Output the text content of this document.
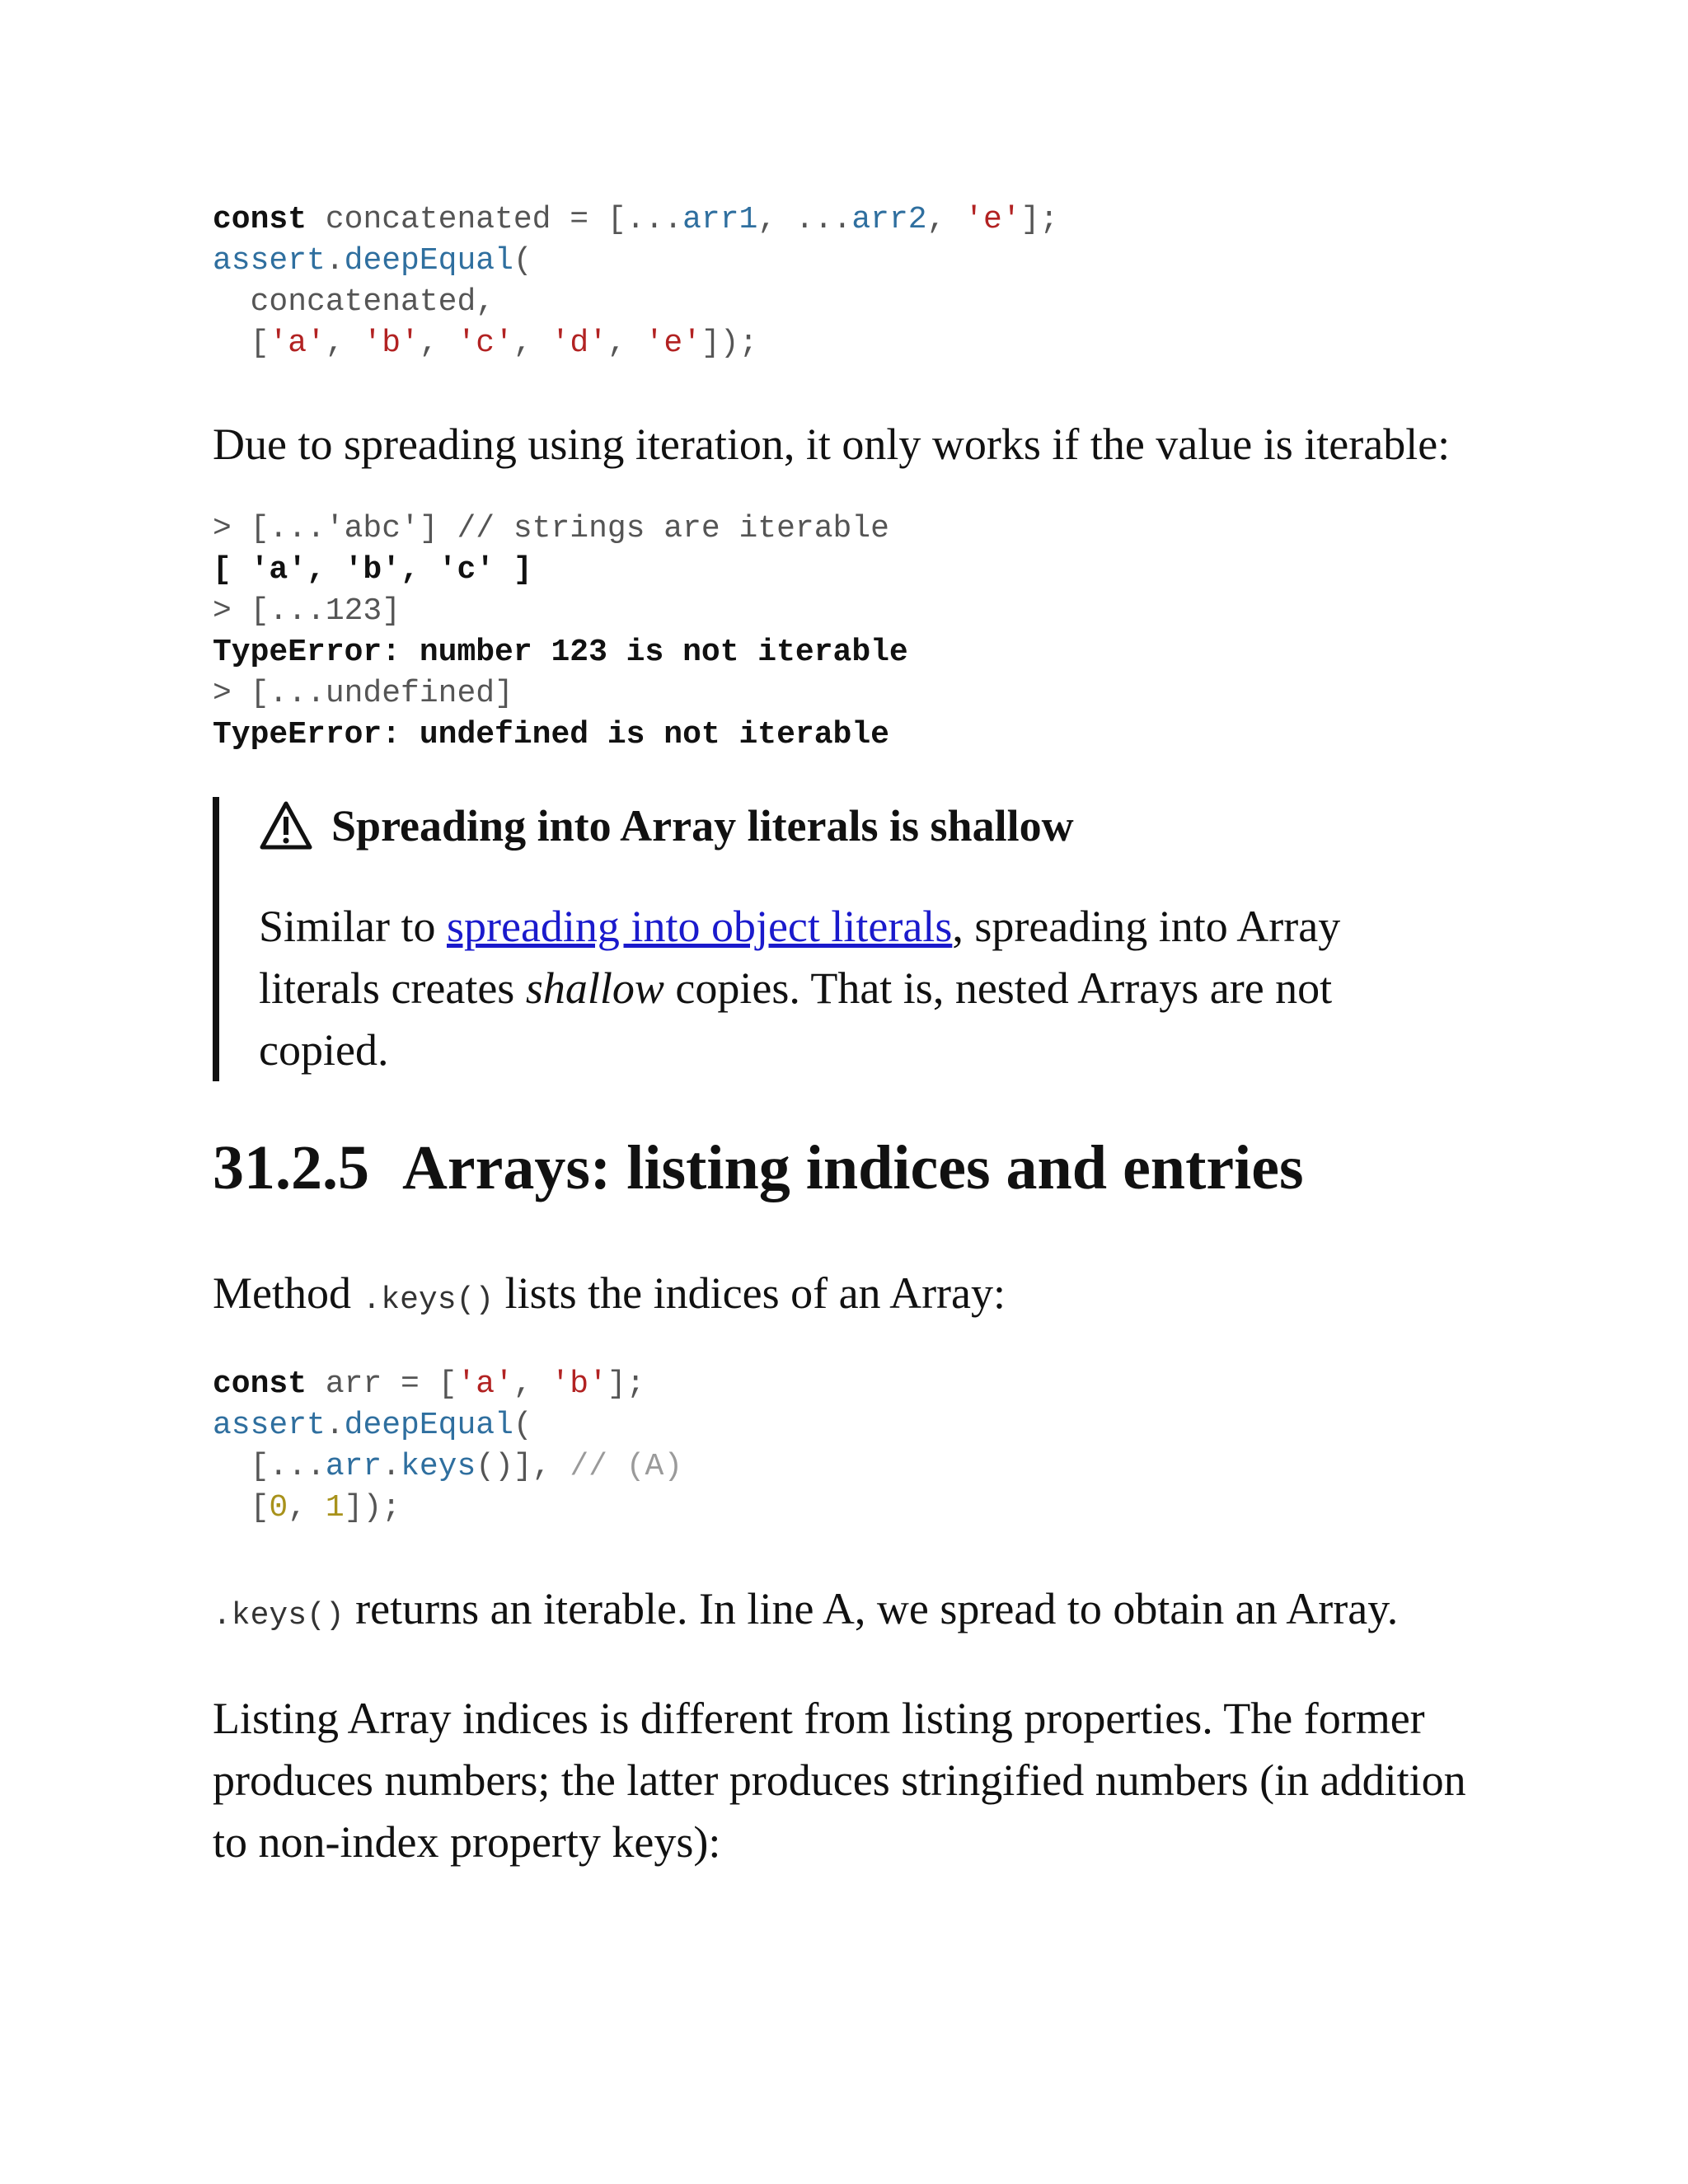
const concatenated = [...arr1, ...arr2, 'e'];
assert.deepEqual(
concatenated,
['a', 'b', 'c', 'd', 'e']);

Due to spreading using iteration, it only works if the value is iterable:

> [...'abc'] // strings are iterable
[ 'a', 'b', 'c' ]
> [...123]
TypeError: number 123 is not iterable
> [...undefined]
TypeError: undefined is not iterable
Spreading into Array literals is shallow

Similar to spreading into object literals, spreading into Array literals creates shallow copies. That is, nested Arrays are not copied.

31.2.5 Arrays: listing indices and entries

Method .keys() lists the indices of an Array:

const arr = ['a', 'b'];
assert.deepEqual(
[...arr.keys()], // (A)
[0, 1]);

.keys() returns an iterable. In line A, we spread to obtain an Array.

Listing Array indices is different from listing properties. The former produces numbers; the latter produces stringified numbers (in addition to non-index property keys):
